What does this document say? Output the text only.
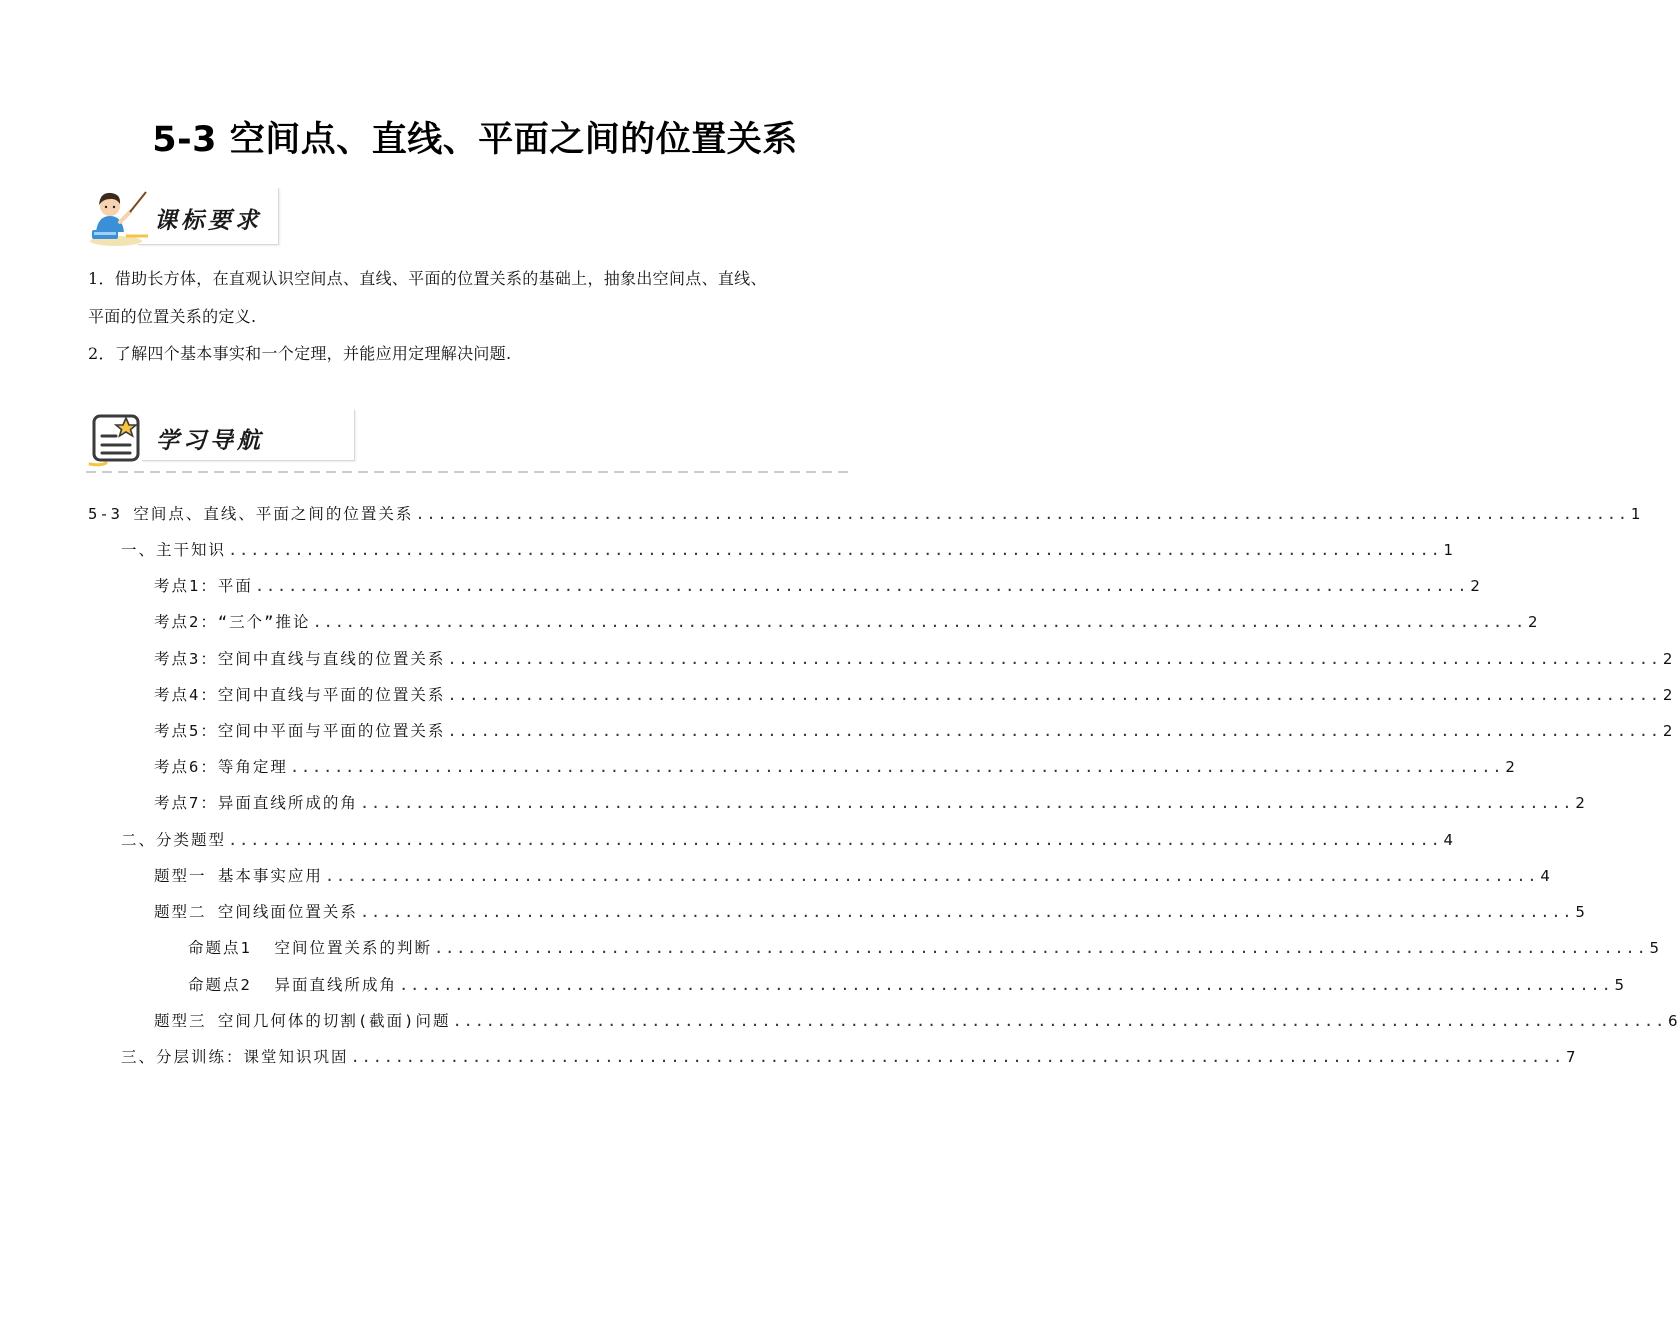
5-3 空间点、直线、平面之间的位置关系
课标要求
1．借助长方体，在直观认识空间点、直线、平面的位置关系的基础上，抽象出空间点、直线、
平面的位置关系的定义.
2．了解四个基本事实和一个定理，并能应用定理解决问题.
学习导航
5-3 空间点、直线、平面之间的位置关系 .............................................................................................................. 1
一、主干知识 .............................................................................................................. 1
考点1：平面 .............................................................................................................. 2
考点2：“三个”推论 .............................................................................................................. 2
考点3：空间中直线与直线的位置关系 .............................................................................................................. 2
考点4：空间中直线与平面的位置关系 .............................................................................................................. 2
考点5：空间中平面与平面的位置关系 .............................................................................................................. 2
考点6：等角定理 .............................................................................................................. 2
考点7：异面直线所成的角 .............................................................................................................. 2
二、分类题型 .............................................................................................................. 4
题型一 基本事实应用 .............................................................................................................. 4
题型二 空间线面位置关系 .............................................................................................................. 5
命题点1  空间位置关系的判断 .............................................................................................................. 5
命题点2  异面直线所成角 .............................................................................................................. 5
题型三 空间几何体的切割(截面)问题 .............................................................................................................. 6
三、分层训练：课堂知识巩固 .............................................................................................................. 7
